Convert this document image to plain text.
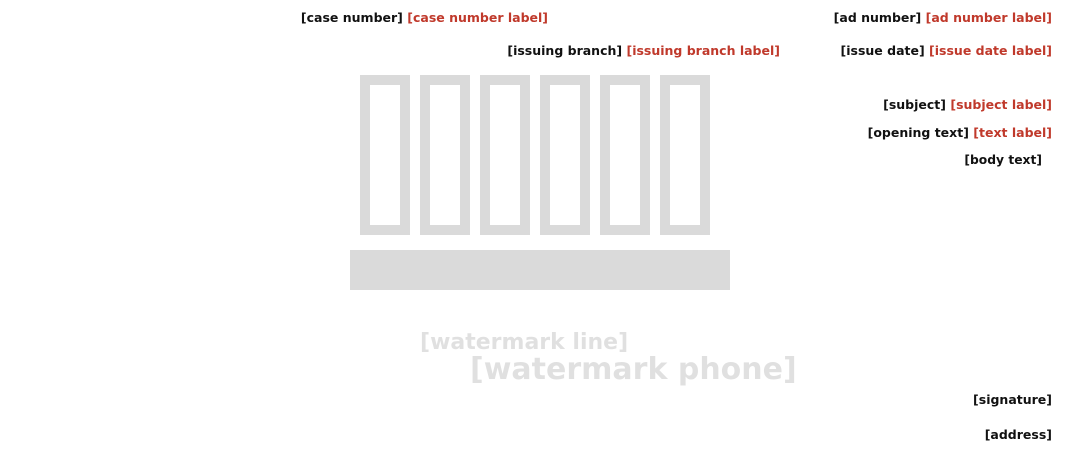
[watermark line]
[watermark phone]
[ad number label] [ad number]
[case number label] [case number]
[issue date label] [issue date]
[issuing branch label] [issuing branch]
[subject label] [subject]
[text label] [opening text]
[body text]
[signature]
[address]
